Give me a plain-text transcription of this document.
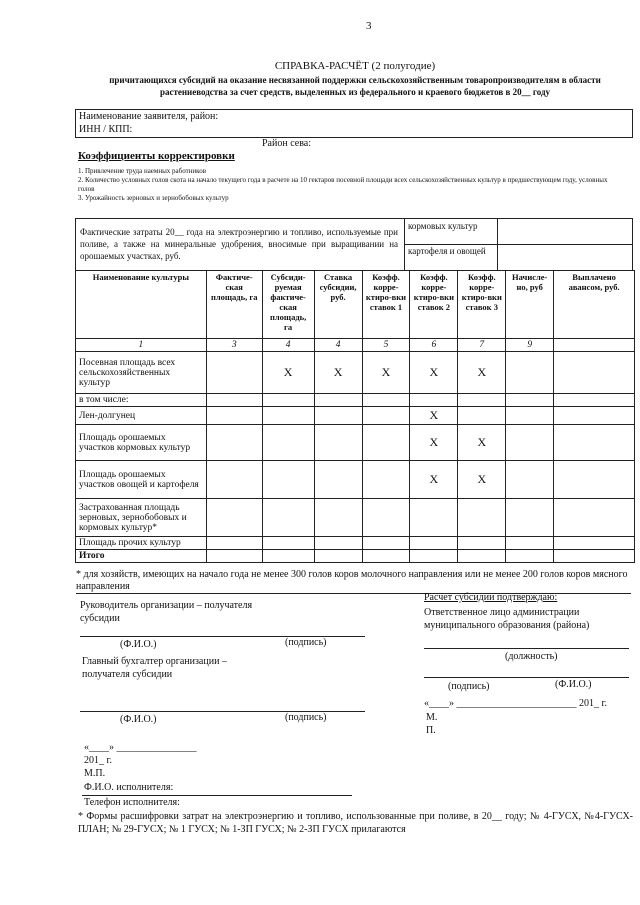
3
СПРАВКА-РАСЧЁТ (2 полугодие)
причитающихся субсидий на оказание несвязанной поддержки сельскохозяйственным товаропроизводителям в области растениеводства за счет средств, выделенных из федерального и краевого бюджетов в 20__ году
Наименование заявителя, район:
ИНН / КПП:
Район сева:
Коэффициенты корректировки
1. Привлечение труда наемных работников
2. Количество условных голов скота на начало текущего года в расчете на 10 гектаров посевной площади всех сельскохозяйственных культур в предшествующем году, условных голов
3. Урожайность зерновых и зернобобовых культур
Фактические затраты 20__ года на электроэнергию и топливо, используемые при поливе, а также на минеральные удобрения, вносимые при выращивании на орошаемых участках, руб.
кормовых культур
картофеля и овощей
Наименование культуры	Фактиче-ская площадь, га	Субсиди-руемая фактиче-ская площадь, га	Ставка субсидии, руб.	Коэфф. корре-ктиро-вки ставок 1	Коэфф. корре-ктиро-вки ставок 2	Коэфф. корре-ктиро-вки ставок 3	Начисле-но, руб	Выплачено авансом, руб.
1	3	4	4	5	6	7	9	
Посевная площадь всех сельскохозяйственных культур		X	X	X	X	X		
в том числе:								
Лен-долгунец					X			
Площадь орошаемых участков кормовых культур					X	X		
Площадь орошаемых участков овощей и картофеля					X	X		
Застрахованная площадь зерновых, зернобобовых и кормовых культур*								
Площадь прочих культур								
Итого								
* для хозяйств, имеющих на начало года не менее 300 голов коров молочного направления или не менее 200 голов коров мясного направления
Руководитель организации – получателя субсидии
(Ф.И.О.)	(подпись)
Главный бухгалтер организации – получателя субсидии
(Ф.И.О.)	(подпись)
«____» ________________
201_ г.
М.П.
Ф.И.О. исполнителя:
Телефон исполнителя:
Расчет субсидии подтверждаю:
Ответственное лицо администрации муниципального образования (района)
(должность)
(подпись)	(Ф.И.О.)
«____» ________________________ 201_ г.
М.
П.
* Формы расшифровки затрат на электроэнергию и топливо, использованные при поливе, в 20__ году; № 4-ГУСХ, №4-ГУСХ-ПЛАН; № 29-ГУСХ; № 1 ГУСХ; № 1-ЗП ГУСХ; № 2-ЗП ГУСХ прилагаются
